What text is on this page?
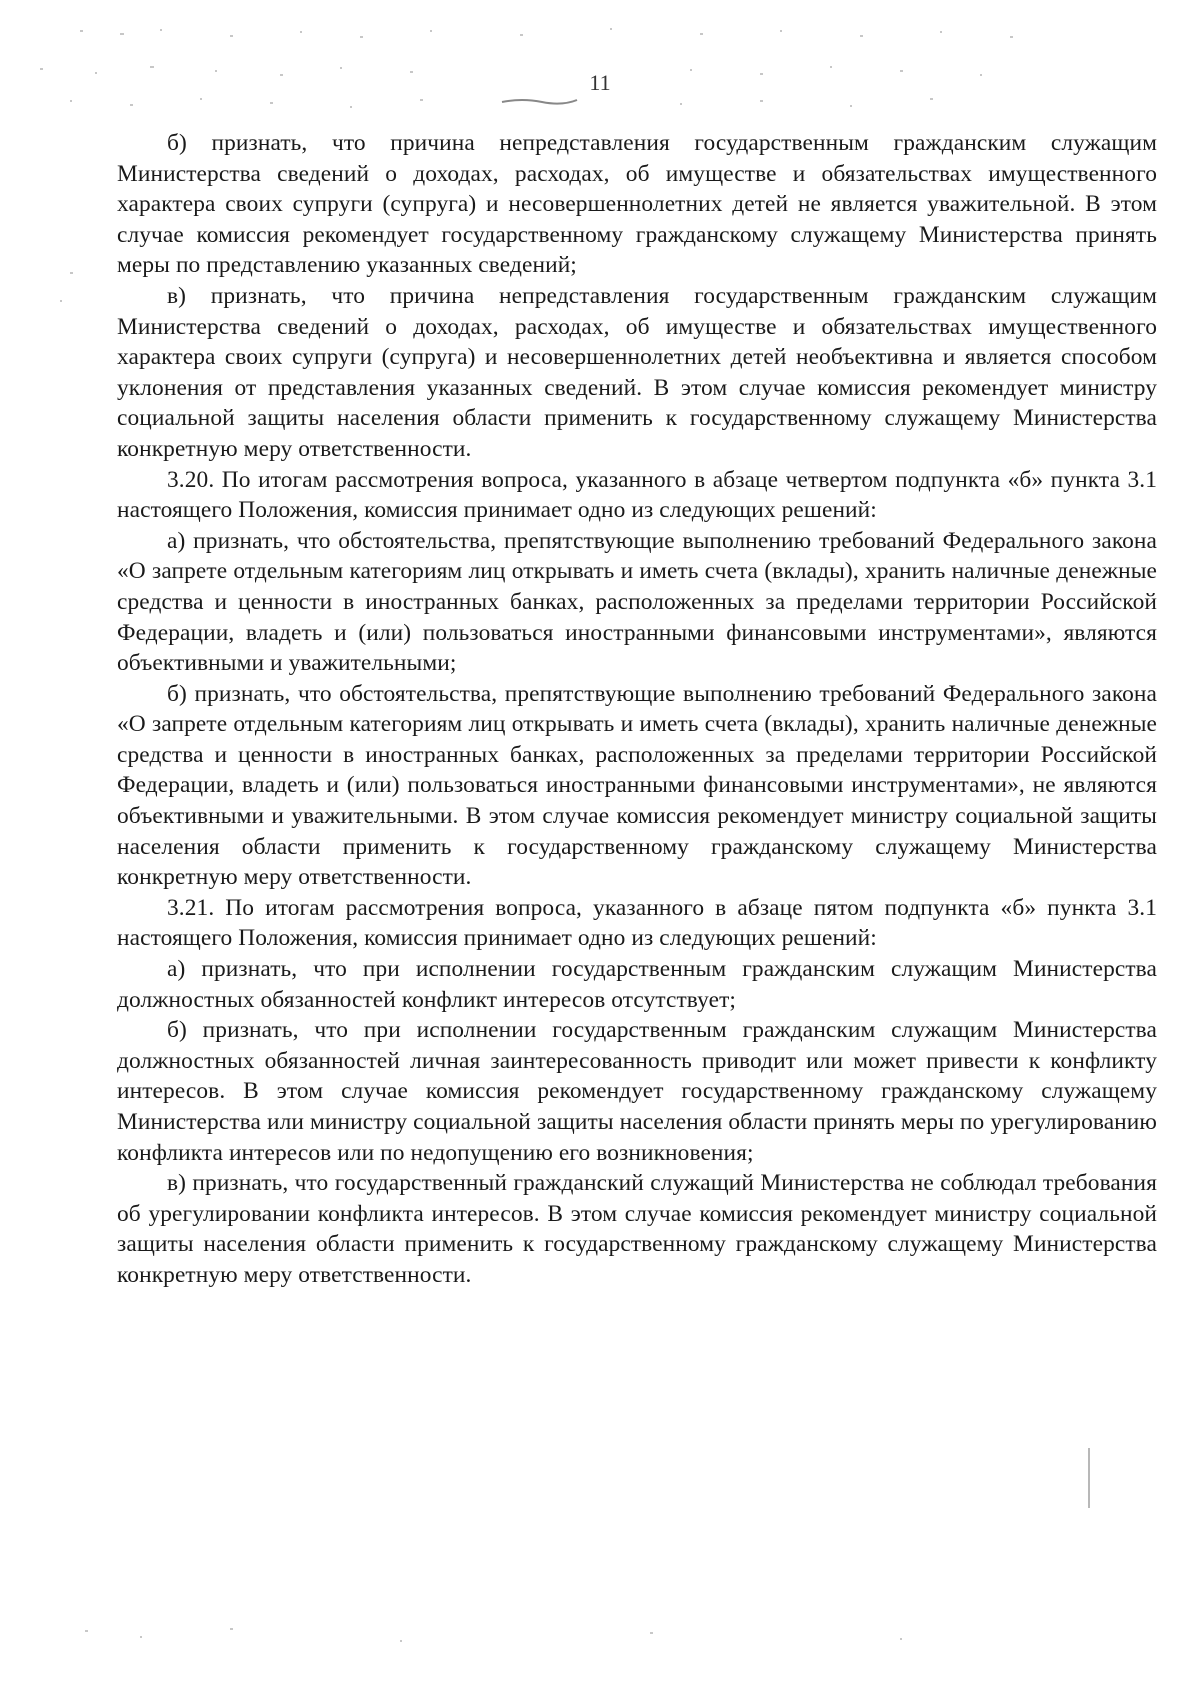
11

б) признать, что причина непредставления государственным гражданским служащим Министерства сведений о доходах, расходах, об имуществе и обязательствах имущественного характера своих супруги (супруга) и несовершеннолетних детей не является уважительной. В этом случае комиссия рекомендует государственному гражданскому служащему Министерства принять меры по представлению указанных сведений;

в) признать, что причина непредставления государственным гражданским служащим Министерства сведений о доходах, расходах, об имуществе и обязательствах имущественного характера своих супруги (супруга) и несовершеннолетних детей необъективна и является способом уклонения от представления указанных сведений. В этом случае комиссия рекомендует министру социальной защиты населения области применить к государственному служащему Министерства конкретную меру ответственности.

3.20. По итогам рассмотрения вопроса, указанного в абзаце четвертом подпункта «б» пункта 3.1 настоящего Положения, комиссия принимает одно из следующих решений:

а) признать, что обстоятельства, препятствующие выполнению требований Федерального закона «О запрете отдельным категориям лиц открывать и иметь счета (вклады), хранить наличные денежные средства и ценности в иностранных банках, расположенных за пределами территории Российской Федерации, владеть и (или) пользоваться иностранными финансовыми инструментами», являются объективными и уважительными;

б) признать, что обстоятельства, препятствующие выполнению требований Федерального закона «О запрете отдельным категориям лиц открывать и иметь счета (вклады), хранить наличные денежные средства и ценности в иностранных банках, расположенных за пределами территории Российской Федерации, владеть и (или) пользоваться иностранными финансовыми инструментами», не являются объективными и уважительными. В этом случае комиссия рекомендует министру социальной защиты населения области применить к государственному гражданскому служащему Министерства конкретную меру ответственности.

3.21. По итогам рассмотрения вопроса, указанного в абзаце пятом подпункта «б» пункта 3.1 настоящего Положения, комиссия принимает одно из следующих решений:

а) признать, что при исполнении государственным гражданским служащим Министерства должностных обязанностей конфликт интересов отсутствует;

б) признать, что при исполнении государственным гражданским служащим Министерства должностных обязанностей личная заинтересованность приводит или может привести к конфликту интересов. В этом случае комиссия рекомендует государственному гражданскому служащему Министерства или министру социальной защиты населения области принять меры по урегулированию конфликта интересов или по недопущению его возникновения;

в) признать, что государственный гражданский служащий Министерства не соблюдал требования об урегулировании конфликта интересов. В этом случае комиссия рекомендует министру социальной защиты населения области применить к государственному гражданскому служащему Министерства конкретную меру ответственности.
